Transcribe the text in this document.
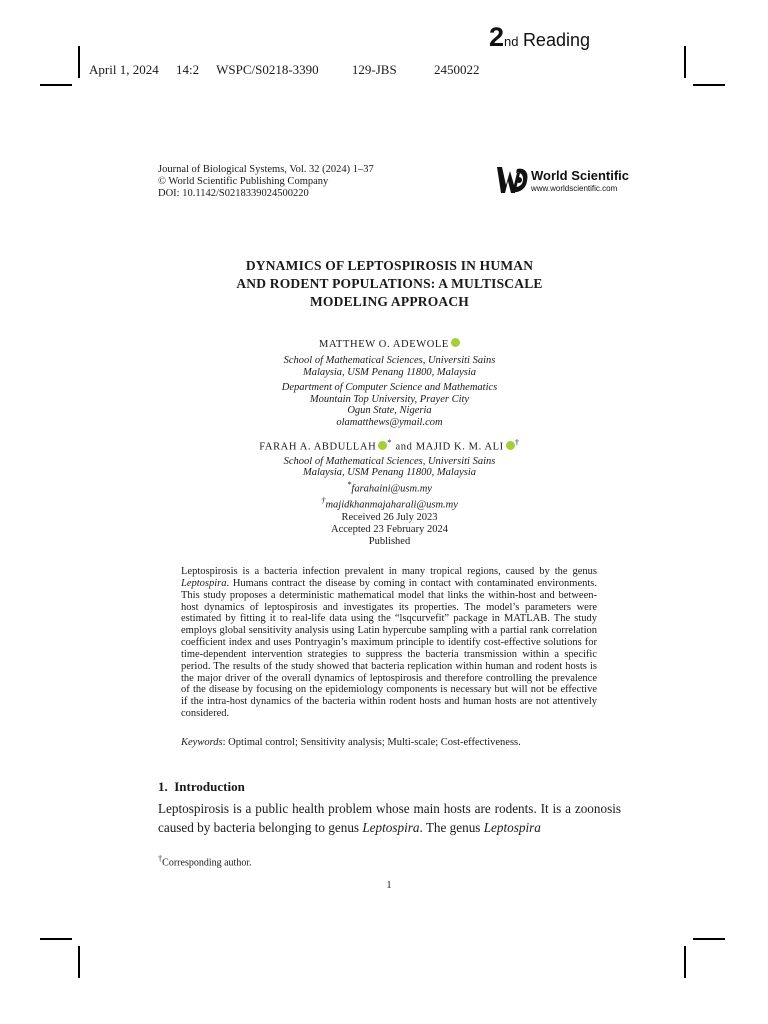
2nd Reading
April 1, 2024 14:2 WSPC/S0218-3390	129-JBS	2450022
Journal of Biological Systems, Vol. 32 (2024) 1–37
© World Scientific Publishing Company
DOI: 10.1142/S0218339024500220
World Scientific
www.worldscientific.com
DYNAMICS OF LEPTOSPIROSIS IN HUMAN
AND RODENT POPULATIONS: A MULTISCALE
MODELING APPROACH
MATTHEW O. ADEWOLE
School of Mathematical Sciences, Universiti Sains
Malaysia, USM Penang 11800, Malaysia
Department of Computer Science and Mathematics
Mountain Top University, Prayer City
Ogun State, Nigeria
olamatthews@ymail.com
FARAH A. ABDULLAH * and MAJID K. M. ALI †
School of Mathematical Sciences, Universiti Sains
Malaysia, USM Penang 11800, Malaysia
*farahaini@usm.my
†majidkhanmajaharali@usm.my
Received 26 July 2023
Accepted 23 February 2024
Published
Leptospirosis is a bacteria infection prevalent in many tropical regions, caused by the genus Leptospira. Humans contract the disease by coming in contact with contaminated environments. This study proposes a deterministic mathematical model that links the within-host and between-host dynamics of leptospirosis and investigates its properties. The model’s parameters were estimated by fitting it to real-life data using the “lsqcurvefit” package in MATLAB. The study employs global sensitivity analysis using Latin hypercube sampling with a partial rank correlation coefficient index and uses Pontryagin’s maximum principle to identify cost-effective solutions for time-dependent intervention strategies to suppress the bacteria transmission within a specific period. The results of the study showed that bacteria replication within human and rodent hosts is the major driver of the overall dynamics of leptospirosis and therefore controlling the prevalence of the disease by focusing on the epidemiology components is necessary but will not be effective if the intra-host dynamics of the bacteria within rodent hosts and human hosts are not attentively considered.
Keywords: Optimal control; Sensitivity analysis; Multi-scale; Cost-effectiveness.
1. Introduction
Leptospirosis is a public health problem whose main hosts are rodents. It is a zoonosis caused by bacteria belonging to genus Leptospira. The genus Leptospira
†Corresponding author.
1
